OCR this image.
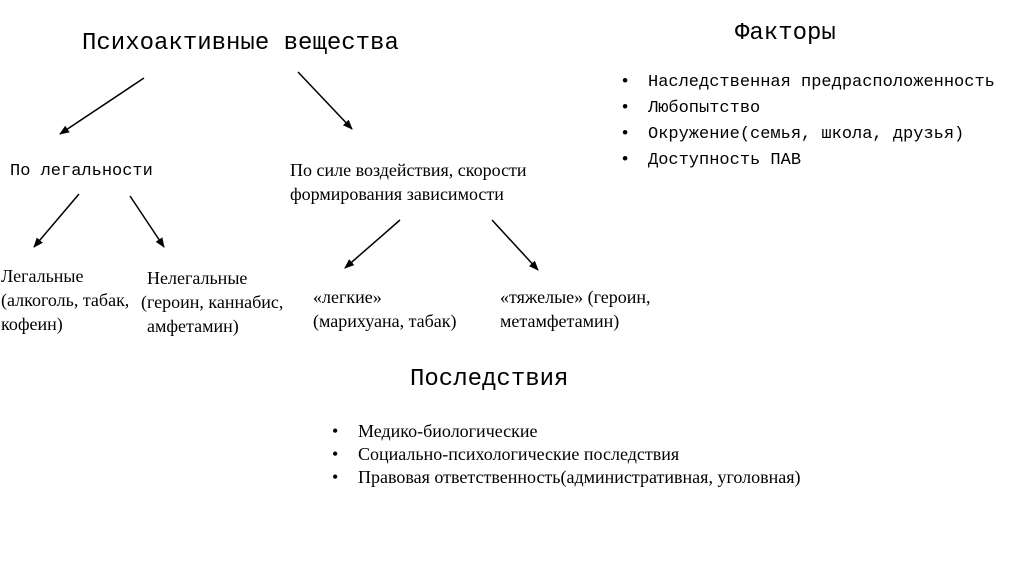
Психоактивные вещества
По легальности	По силе воздействия, скорости
формирования зависимости
Легальные
(алкоголь, табак,
кофеин)
Нелегальные
(героин, каннабис,
амфетамин)
«легкие»
(марихуана, табак)
«тяжелые» (героин,
метамфетамин)
Факторы
Наследственная предрасположенность
Любопытство
Окружение(семья, школа, друзья)
Доступность ПАВ
•
•
•
•
Последствия
• Медико-биологические
• Социально-психологические последствия
• Правовая ответственность(административная, уголовная)
